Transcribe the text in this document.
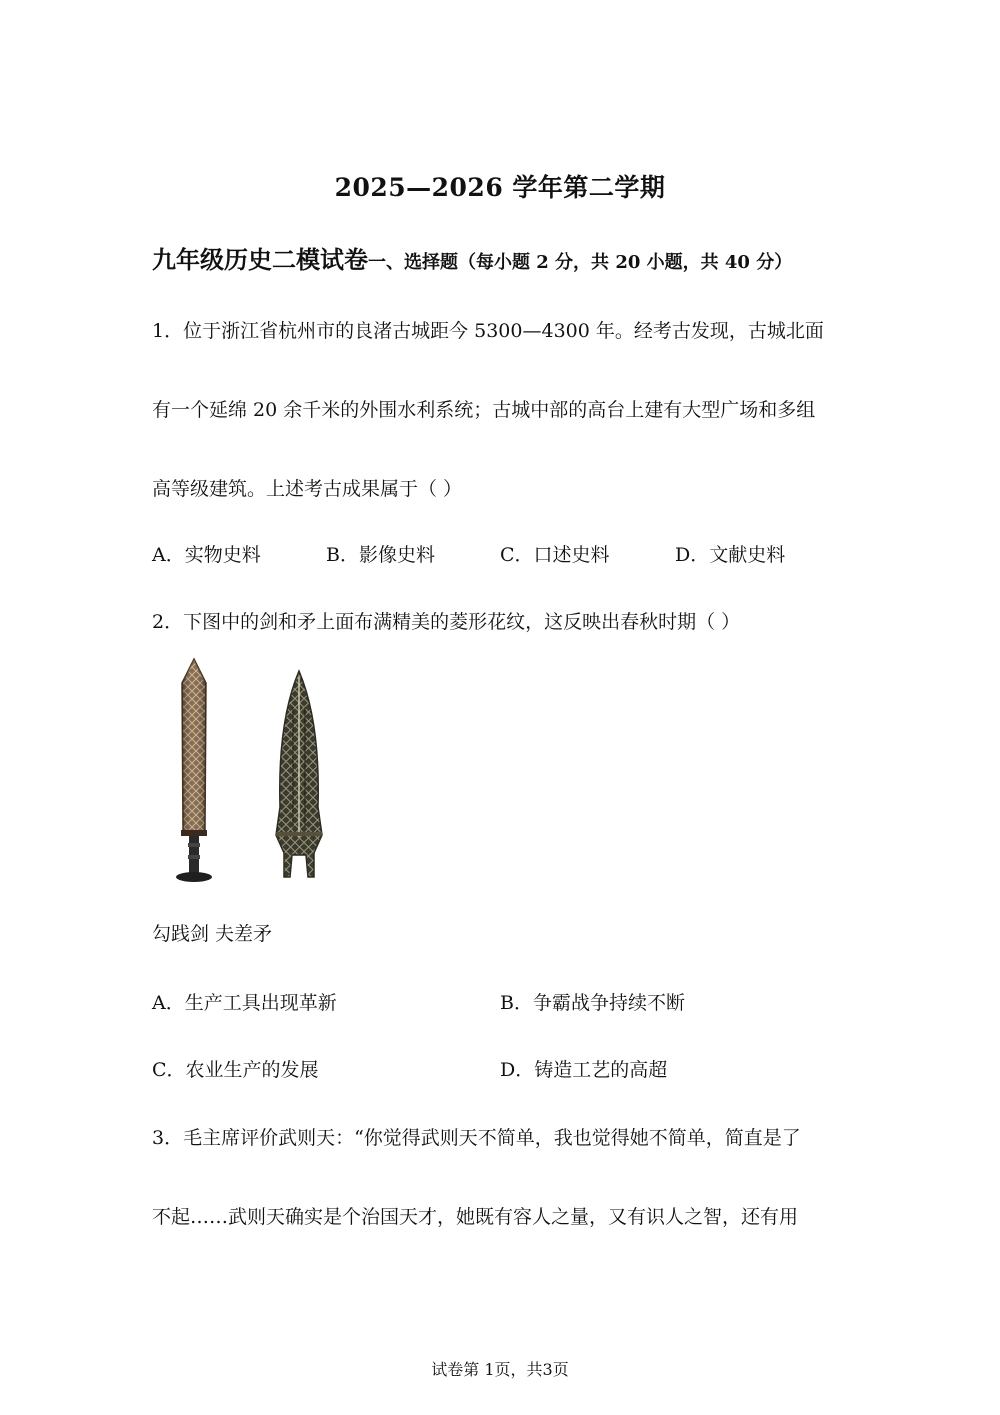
2025—2026 学年第二学期
九年级历史二模试卷一、选择题（每小题 2 分，共 20 小题，共 40 分）
1．位于浙江省杭州市的良渚古城距今 5300—4300 年。经考古发现，古城北面
有一个延绵 20 余千米的外围水利系统；古城中部的高台上建有大型广场和多组
高等级建筑。上述考古成果属于（ ）
A．实物史料	B．影像史料	C．口述史料	D．文献史料
2．下图中的剑和矛上面布满精美的菱形花纹，这反映出春秋时期（ ）
勾践剑 夫差矛
A．生产工具出现革新	B．争霸战争持续不断
C．农业生产的发展	D．铸造工艺的高超
3．毛主席评价武则天：“你觉得武则天不简单，我也觉得她不简单，简直是了
不起……武则天确实是个治国天才，她既有容人之量，又有识人之智，还有用
试卷第 1页，共3页
